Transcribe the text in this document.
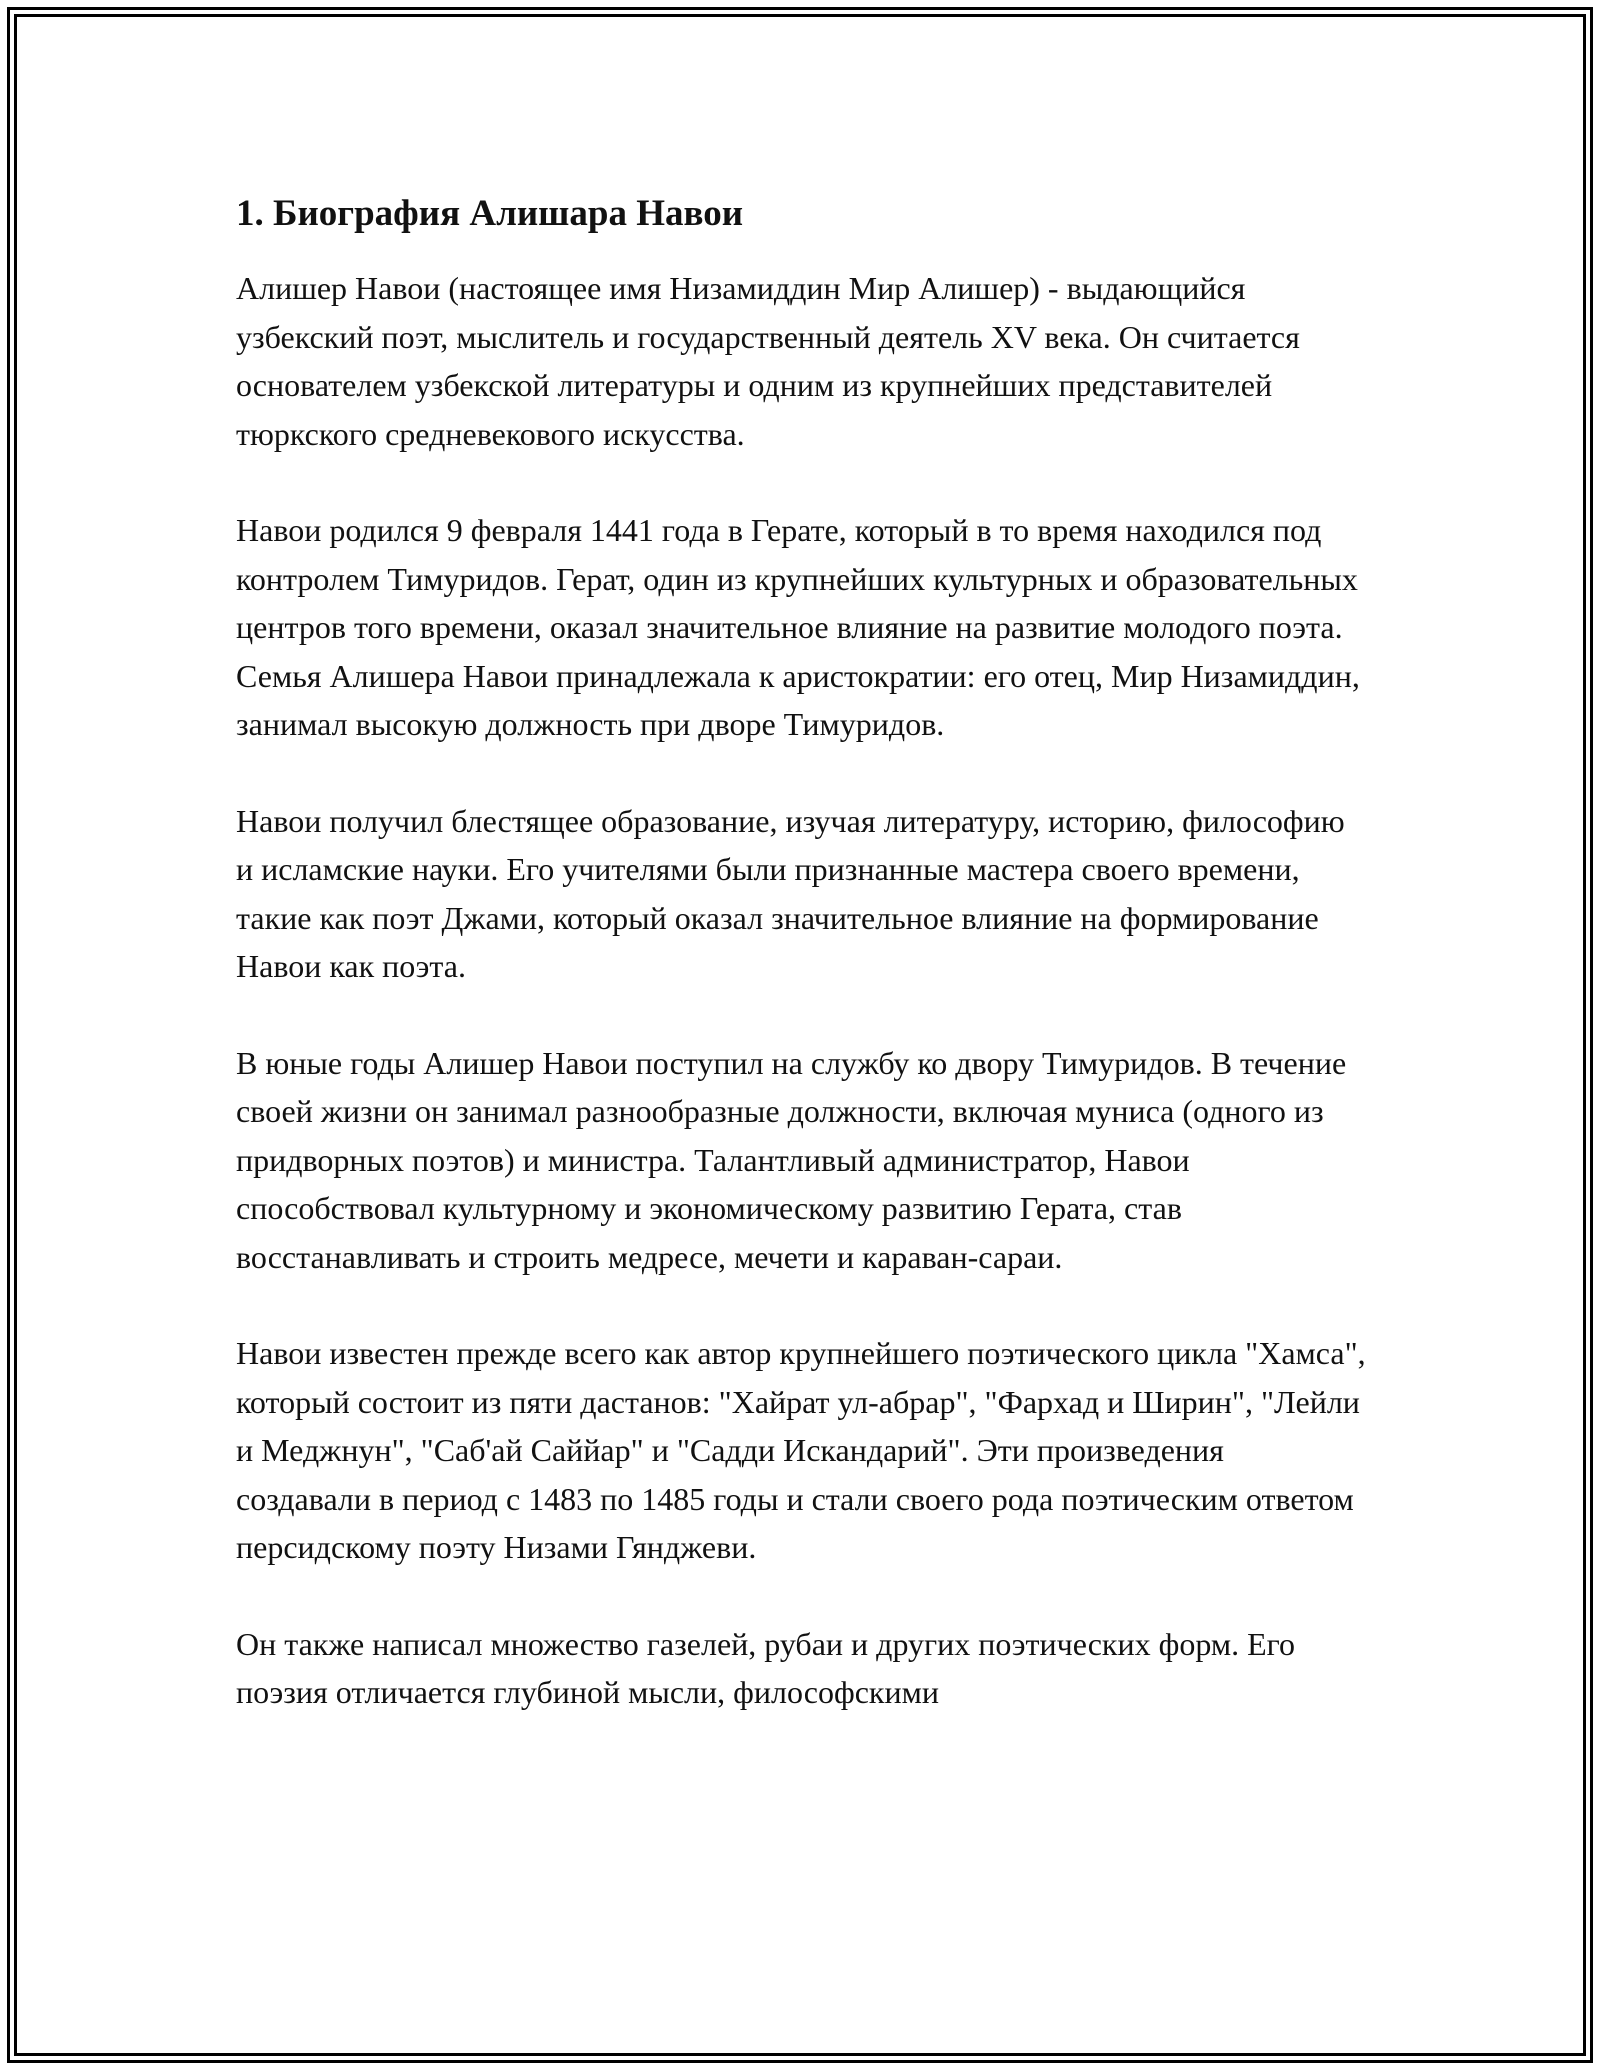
1. Биография Алишара Навои

Алишер Навои (настоящее имя Низамиддин Мир Алишер) - выдающийся узбекский поэт, мыслитель и государственный деятель XV века. Он считается основателем узбекской литературы и одним из крупнейших представителей тюркского средневекового искусства.

Навои родился 9 февраля 1441 года в Герате, который в то время находился под контролем Тимуридов. Герат, один из крупнейших культурных и образовательных центров того времени, оказал значительное влияние на развитие молодого поэта. Семья Алишера Навои принадлежала к аристократии: его отец, Мир Низамиддин, занимал высокую должность при дворе Тимуридов.

Навои получил блестящее образование, изучая литературу, историю, философию и исламские науки. Его учителями были признанные мастера своего времени, такие как поэт Джами, который оказал значительное влияние на формирование Навои как поэта.

В юные годы Алишер Навои поступил на службу ко двору Тимуридов. В течение своей жизни он занимал разнообразные должности, включая муниса (одного из придворных поэтов) и министра. Талантливый администратор, Навои способствовал культурному и экономическому развитию Герата, став восстанавливать и строить медресе, мечети и караван-сараи.

Навои известен прежде всего как автор крупнейшего поэтического цикла "Хамса", который состоит из пяти дастанов: "Хайрат ул-абрар", "Фархад и Ширин", "Лейли и Меджнун", "Саб'ай Саййар" и "Садди Искандарий". Эти произведения создавали в период с 1483 по 1485 годы и стали своего рода поэтическим ответом персидскому поэту Низами Гянджеви.

Он также написал множество газелей, рубаи и других поэтических форм. Его поэзия отличается глубиной мысли, философскими
